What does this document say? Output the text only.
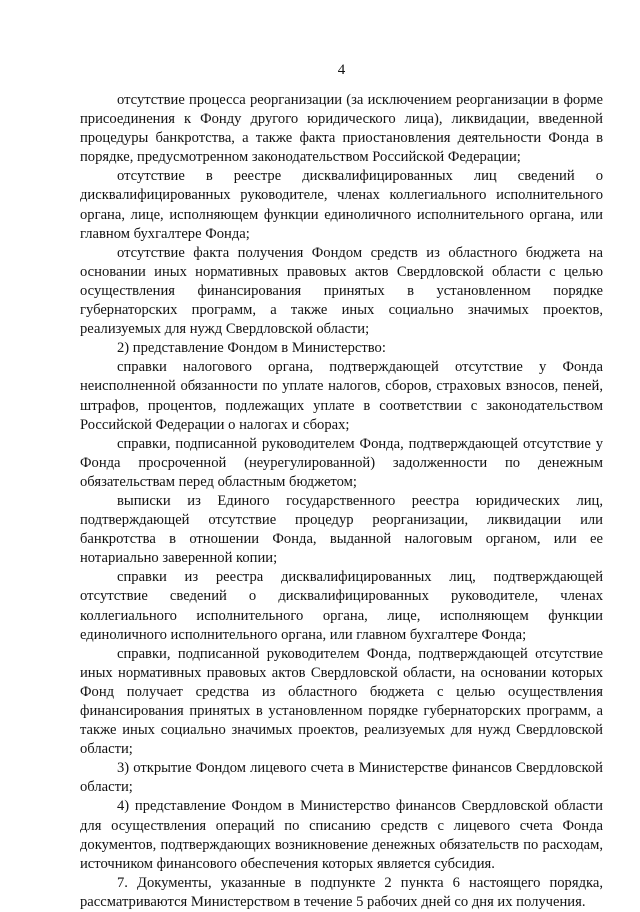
4

отсутствие процесса реорганизации (за исключением реорганизации в форме присоединения к Фонду другого юридического лица), ликвидации, введенной процедуры банкротства, а также факта приостановления деятельности Фонда в порядке, предусмотренном законодательством Российской Федерации;

отсутствие в реестре дисквалифицированных лиц сведений о дисквалифицированных руководителе, членах коллегиального исполнительного органа, лице, исполняющем функции единоличного исполнительного органа, или главном бухгалтере Фонда;

отсутствие факта получения Фондом средств из областного бюджета на основании иных нормативных правовых актов Свердловской области с целью осуществления финансирования принятых в установленном порядке губернаторских программ, а также иных социально значимых проектов, реализуемых для нужд Свердловской области;

2) представление Фондом в Министерство:

справки налогового органа, подтверждающей отсутствие у Фонда неисполненной обязанности по уплате налогов, сборов, страховых взносов, пеней, штрафов, процентов, подлежащих уплате в соответствии с законодательством Российской Федерации о налогах и сборах;

справки, подписанной руководителем Фонда, подтверждающей отсутствие у Фонда просроченной (неурегулированной) задолженности по денежным обязательствам перед областным бюджетом;

выписки из Единого государственного реестра юридических лиц, подтверждающей отсутствие процедур реорганизации, ликвидации или банкротства в отношении Фонда, выданной налоговым органом, или ее нотариально заверенной копии;

справки из реестра дисквалифицированных лиц, подтверждающей отсутствие сведений о дисквалифицированных руководителе, членах коллегиального исполнительного органа, лице, исполняющем функции единоличного исполнительного органа, или главном бухгалтере Фонда;

справки, подписанной руководителем Фонда, подтверждающей отсутствие иных нормативных правовых актов Свердловской области, на основании которых Фонд получает средства из областного бюджета с целью осуществления финансирования принятых в установленном порядке губернаторских программ, а также иных социально значимых проектов, реализуемых для нужд Свердловской области;

3) открытие Фондом лицевого счета в Министерстве финансов Свердловской области;

4) представление Фондом в Министерство финансов Свердловской области для осуществления операций по списанию средств с лицевого счета Фонда документов, подтверждающих возникновение денежных обязательств по расходам, источником финансового обеспечения которых является субсидия.

7. Документы, указанные в подпункте 2 пункта 6 настоящего порядка, рассматриваются Министерством в течение 5 рабочих дней со дня их получения.
